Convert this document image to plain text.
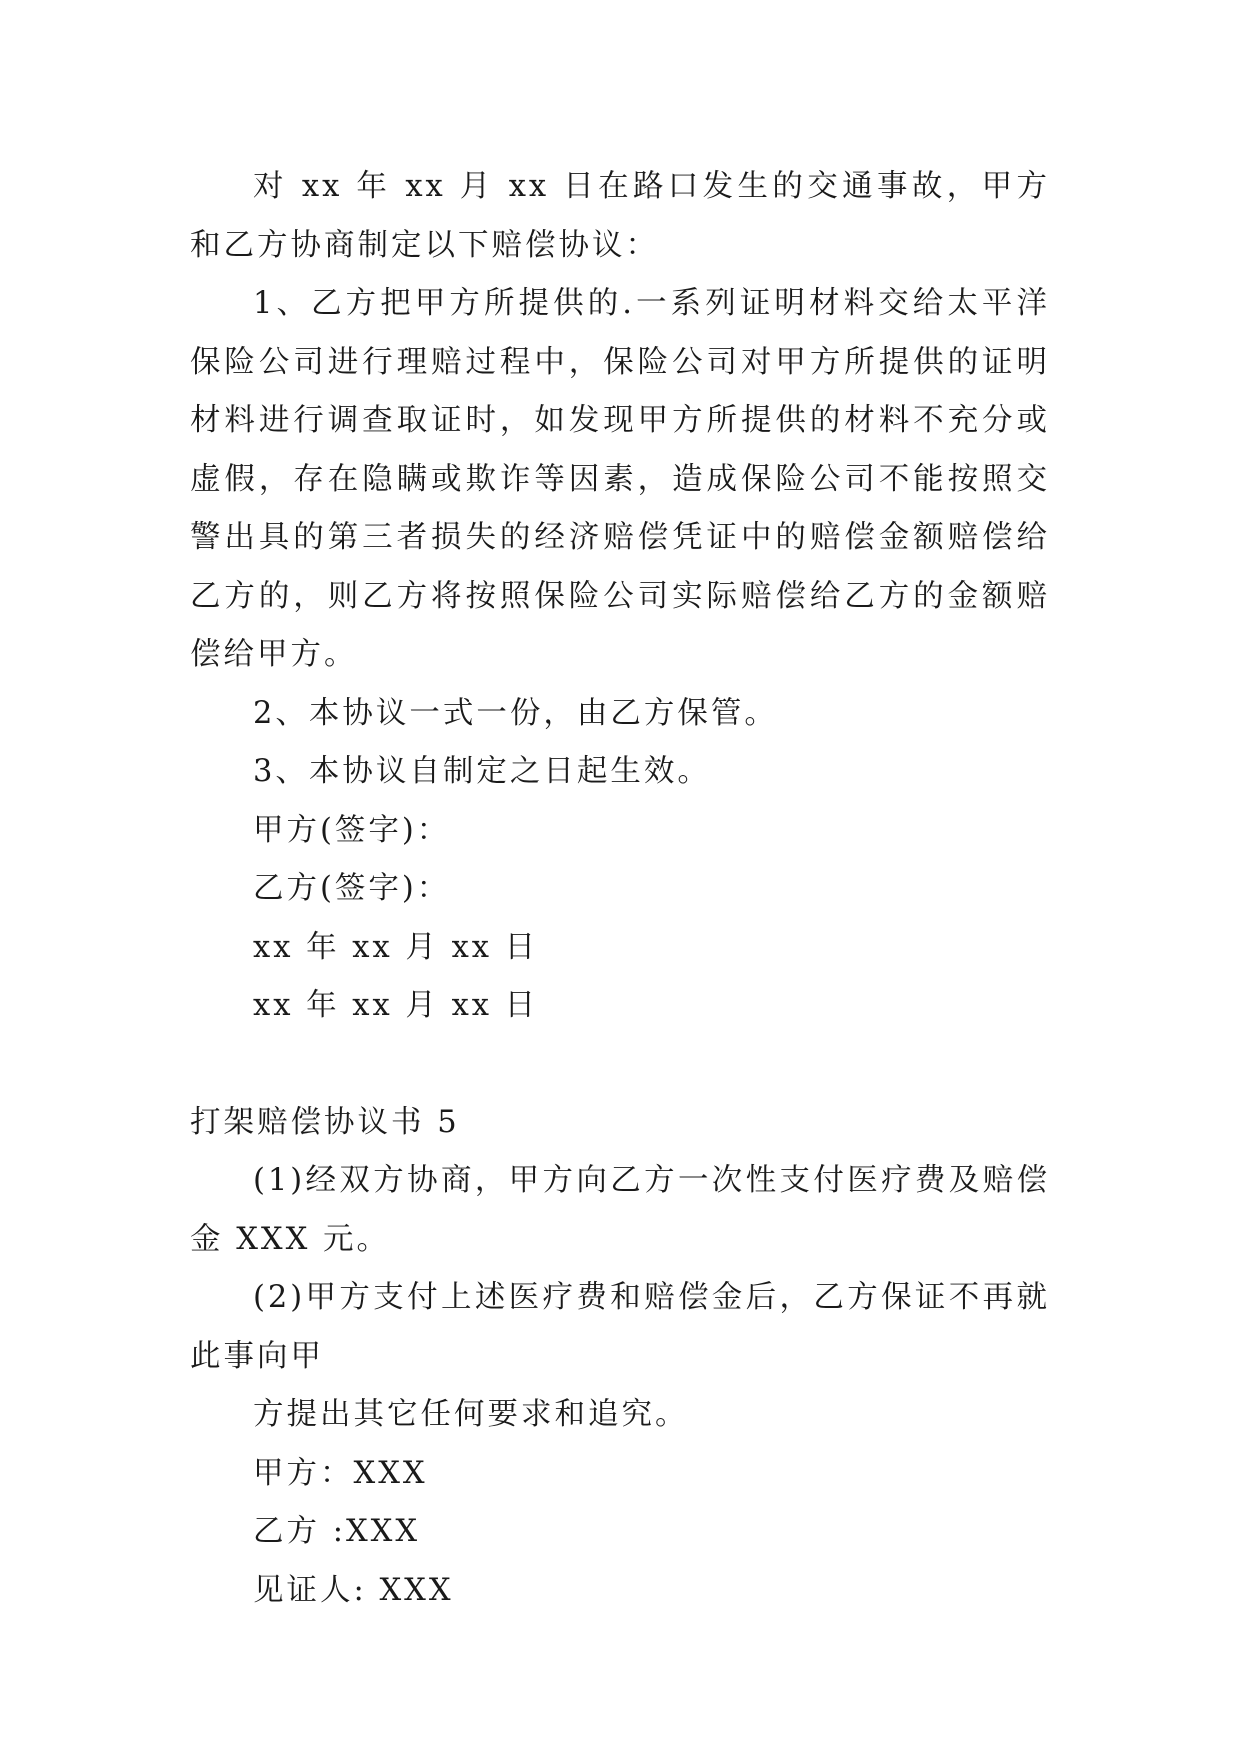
对 xx 年 xx 月 xx 日在路口发生的交通事故，甲方和乙方协商制定以下赔偿协议：

1、乙方把甲方所提供的.一系列证明材料交给太平洋保险公司进行理赔过程中，保险公司对甲方所提供的证明材料进行调查取证时，如发现甲方所提供的材料不充分或虚假，存在隐瞒或欺诈等因素，造成保险公司不能按照交警出具的第三者损失的经济赔偿凭证中的赔偿金额赔偿给乙方的，则乙方将按照保险公司实际赔偿给乙方的金额赔偿给甲方。

2、本协议一式一份，由乙方保管。

3、本协议自制定之日起生效。

甲方(签字)：

乙方(签字)：

xx 年 xx 月 xx 日

xx 年 xx 月 xx 日

打架赔偿协议书 5

(1)经双方协商，甲方向乙方一次性支付医疗费及赔偿金 XXX 元。

(2)甲方支付上述医疗费和赔偿金后，乙方保证不再就此事向甲

方提出其它任何要求和追究。

甲方：XXX

乙方 :XXX

见证人: XXX
